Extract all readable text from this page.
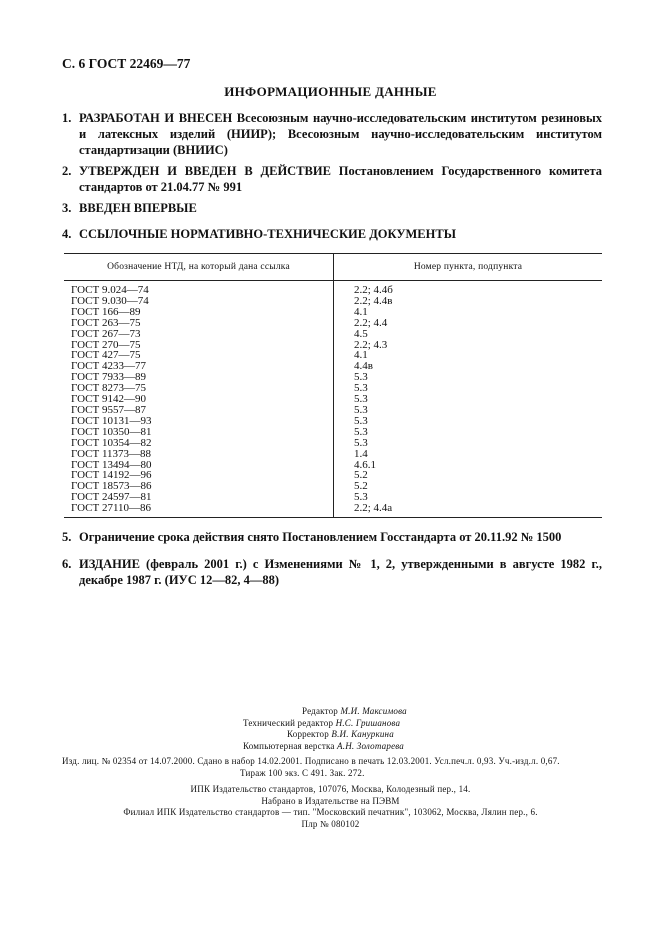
С. 6 ГОСТ 22469—77
ИНФОРМАЦИОННЫЕ ДАННЫЕ
1. РАЗРАБОТАН И ВНЕСЕН Всесоюзным научно-исследовательским институтом резиновых и латексных изделий (НИИР); Всесоюзным научно-исследовательским институтом стандартизации (ВНИИС)
2. УТВЕРЖДЕН И ВВЕДЕН В ДЕЙСТВИЕ Постановлением Государственного комитета стандартов от 21.04.77 № 991
3. ВВЕДЕН ВПЕРВЫЕ
4. ССЫЛОЧНЫЕ НОРМАТИВНО-ТЕХНИЧЕСКИЕ ДОКУМЕНТЫ
Обозначение НТД, на который дана ссылка	Номер пункта, подпункта
ГОСТ 9.024—74	2.2; 4.4б
ГОСТ 9.030—74	2.2; 4.4в
ГОСТ 166—89	4.1
ГОСТ 263—75	2.2; 4.4
ГОСТ 267—73	4.5
ГОСТ 270—75	2.2; 4.3
ГОСТ 427—75	4.1
ГОСТ 4233—77	4.4в
ГОСТ 7933—89	5.3
ГОСТ 8273—75	5.3
ГОСТ 9142—90	5.3
ГОСТ 9557—87	5.3
ГОСТ 10131—93	5.3
ГОСТ 10350—81	5.3
ГОСТ 10354—82	5.3
ГОСТ 11373—88	1.4
ГОСТ 13494—80	4.6.1
ГОСТ 14192—96	5.2
ГОСТ 18573—86	5.2
ГОСТ 24597—81	5.3
ГОСТ 27110—86	2.2; 4.4а
5. Ограничение срока действия снято Постановлением Госстандарта от 20.11.92 № 1500
6. ИЗДАНИЕ (февраль 2001 г.) с Изменениями № 1, 2, утвержденными в августе 1982 г., декабре 1987 г. (ИУС 12—82, 4—88)
Редактор М.И. Максимова
Технический редактор Н.С. Гришанова
Корректор В.И. Кануркина
Компьютерная верстка А.Н. Золотарева
Изд. лиц. № 02354 от 14.07.2000. Сдано в набор 14.02.2001. Подписано в печать 12.03.2001. Усл.печ.л. 0,93. Уч.-изд.л. 0,67.
Тираж 100 экз. С 491. Зак. 272.
ИПК Издательство стандартов, 107076, Москва, Колодезный пер., 14.
Набрано в Издательстве на ПЭВМ
Филиал ИПК Издательство стандартов — тип. "Московский печатник", 103062, Москва, Лялин пер., 6.
Плр № 080102
